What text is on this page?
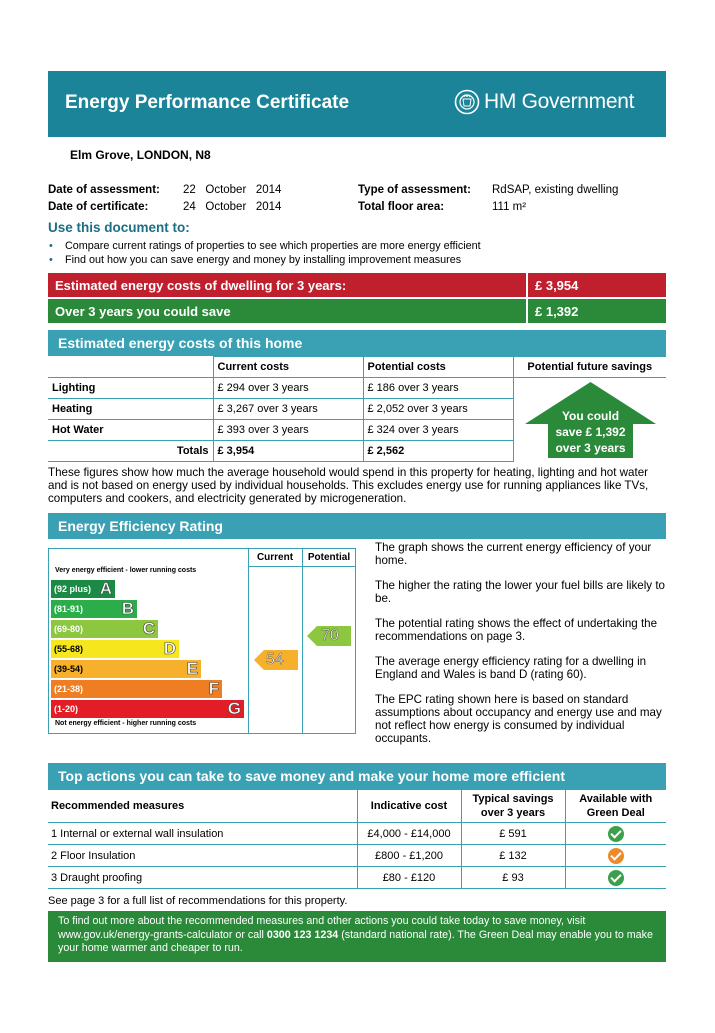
Energy Performance Certificate	HM Government
Elm Grove, LONDON, N8
Date of assessment: 22   October   2014
Date of certificate:	24   October   2014
Type of assessment: RdSAP, existing dwelling
Total floor area:	111 m²
Use this document to:
• Compare current ratings of properties to see which properties are more energy efficient
• Find out how you can save energy and money by installing improvement measures
Estimated energy costs of dwelling for 3 years:	£ 3,954
Over 3 years you could save	£ 1,392
Estimated energy costs of this home
	Current costs	Potential costs	Potential future savings
Lighting	£ 294 over 3 years	£ 186 over 3 years	
Heating	£ 3,267 over 3 years	£ 2,052 over 3 years	
Hot Water	£ 393 over 3 years	£ 324 over 3 years	
Totals	£ 3,954	£ 2,562	
You could
save £ 1,392
over 3 years
These figures show how much the average household would spend in this property for heating, lighting and hot water and is not based on energy used by individual households. This excludes energy use for running appliances like TVs, computers and cookers, and electricity generated by microgeneration.
Energy Efficiency Rating
Current	Potential
Very energy efficient - lower running costs
Not energy efficient - higher running costs
(92 plus) A
(81-91) B
(69-80)	C
(55-68)	D
(39-54)	E
(21-38)	F
(1-20)	G
54
70

The graph shows the current energy efficiency of your home.

The higher the rating the lower your fuel bills are likely to be.

The potential rating shows the effect of undertaking the recommendations on page 3.

The average energy efficiency rating for a dwelling in England and Wales is band D (rating 60).

The EPC rating shown here is based on standard assumptions about occupancy and energy use and may not reflect how energy is consumed by individual occupants.

Top actions you can take to save money and make your home more efficient
Recommended measures	Indicative cost	Typical savings over 3 years	Available with Green Deal
1 Internal or external wall insulation	£4,000 - £14,000	£ 591	
2 Floor Insulation	£800 - £1,200	£ 132	
3 Draught proofing	£80 - £120	£ 93	
See page 3 for a full list of recommendations for this property.
To find out more about the recommended measures and other actions you could take today to save money, visit www.gov.uk/energy-grants-calculator or call 0300 123 1234 (standard national rate). The Green Deal may enable you to make your home warmer and cheaper to run.
